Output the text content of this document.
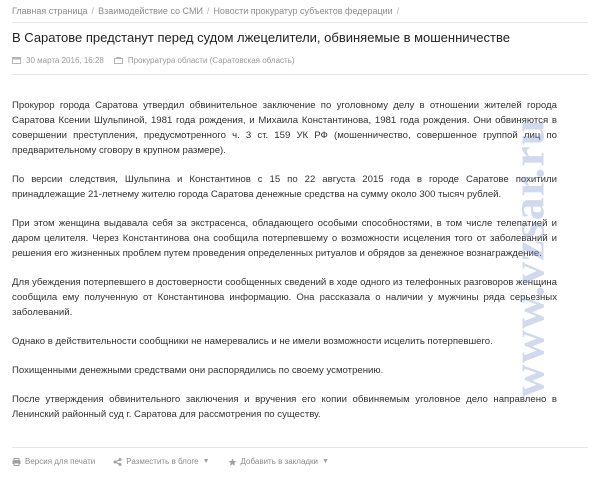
Главная страница / Взаимодействие со СМИ / Новости прокуратур субъектов федерации /
В Саратове предстанут перед судом лжецелители, обвиняемые в мошенничестве
30 марта 2016, 16:28	Прокуратура области (Саратовская область)

Прокурор города Саратова утвердил обвинительное заключение по уголовному делу в отношении жителей города Саратова Ксении Шульпиной, 1981 года рождения, и Михаила Константинова, 1981 года рождения. Они обвиняются в совершении преступления, предусмотренного ч. 3 ст. 159 УК РФ (мошенничество, совершенное группой лиц по предварительному сговору в крупном размере).

По версии следствия, Шульпина и Константинов с 15 по 22 августа 2015 года в городе Саратове похитили принадлежащие 21-летнему жителю города Саратова денежные средства на сумму около 300 тысяч рублей.

При этом женщина выдавала себя за экстрасенса, обладающего особыми способностями, в том числе телепатией и даром целителя. Через Константинова она сообщила потерпевшему о возможности исцеления того от заболеваний и решения его жизненных проблем путем проведения определенных ритуалов и обрядов за денежное вознаграждение.

Для убеждения потерпевшего в достоверности сообщенных сведений в ходе одного из телефонных разговоров женщина сообщила ему полученную от Константинова информацию. Она рассказала о наличии у мужчины ряда серьезных заболеваний.

Однако в действительности сообщники не намеревались и не имели возможности исцелить потерпевшего.

Похищенными денежными средствами они распорядились по своему усмотрению.

После утверждения обвинительного заключения и вручения его копии обвиняемым уголовное дело направлено в Ленинский районный суд г. Саратова для рассмотрения по существу.

Версия для печати	Разместить в блоге ▼	Добавить в закладки ▼
www.vzsar.ru
